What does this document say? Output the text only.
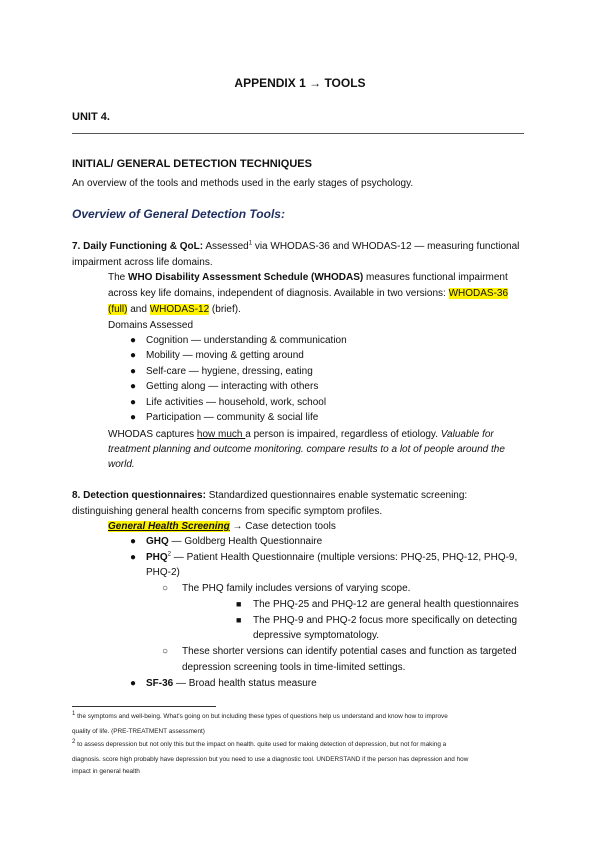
APPENDIX 1 → TOOLS
UNIT 4.
INITIAL/ GENERAL DETECTION TECHNIQUES
An overview of the tools and methods used in the early stages of psychology.
Overview of General Detection Tools:
7. Daily Functioning & QoL: Assessed$^1$ via WHODAS-36 and WHODAS-12 — measuring functional
impairment across life domains.
The WHO Disability Assessment Schedule (WHODAS) measures functional impairment
across key life domains, independent of diagnosis. Available in two versions: WHODAS-36
(full) and WHODAS-12 (brief).
Domains Assessed
● Cognition — understanding & communication
● Mobility — moving & getting around
● Self-care — hygiene, dressing, eating
● Getting along — interacting with others
● Life activities — household, work, school
● Participation — community & social life
WHODAS captures how much a person is impaired, regardless of etiology. Valuable for
treatment planning and outcome monitoring. compare results to a lot of people around the
world.
8. Detection questionnaires: Standardized questionnaires enable systematic screening:
distinguishing general health concerns from specific symptom profiles.
General Health Screening → Case detection tools
● GHQ — Goldberg Health Questionnaire
● PHQ$^2$ — Patient Health Questionnaire (multiple versions: PHQ-25, PHQ-12, PHQ-9,
PHQ-2)
○ The PHQ family includes versions of varying scope.
■ The PHQ-25 and PHQ-12 are general health questionnaires
■ The PHQ-9 and PHQ-2 focus more specifically on detecting
depressive symptomatology.
○ These shorter versions can identify potential cases and function as targeted
depression screening tools in time-limited settings.
● SF-36 — Broad health status measure
$^1$ the symptoms and well-being. What's going on but including these types of questions help us understand and know how to improve
quality of life. (PRE-TREATMENT assessment)
$^2$ to assess depression but not only this but the impact on health. quite used for making detection of depression, but not for making a
diagnosis. score high probably have depression but you need to use a diagnostic tool. UNDERSTAND if the person has depression and how
impact in general health
